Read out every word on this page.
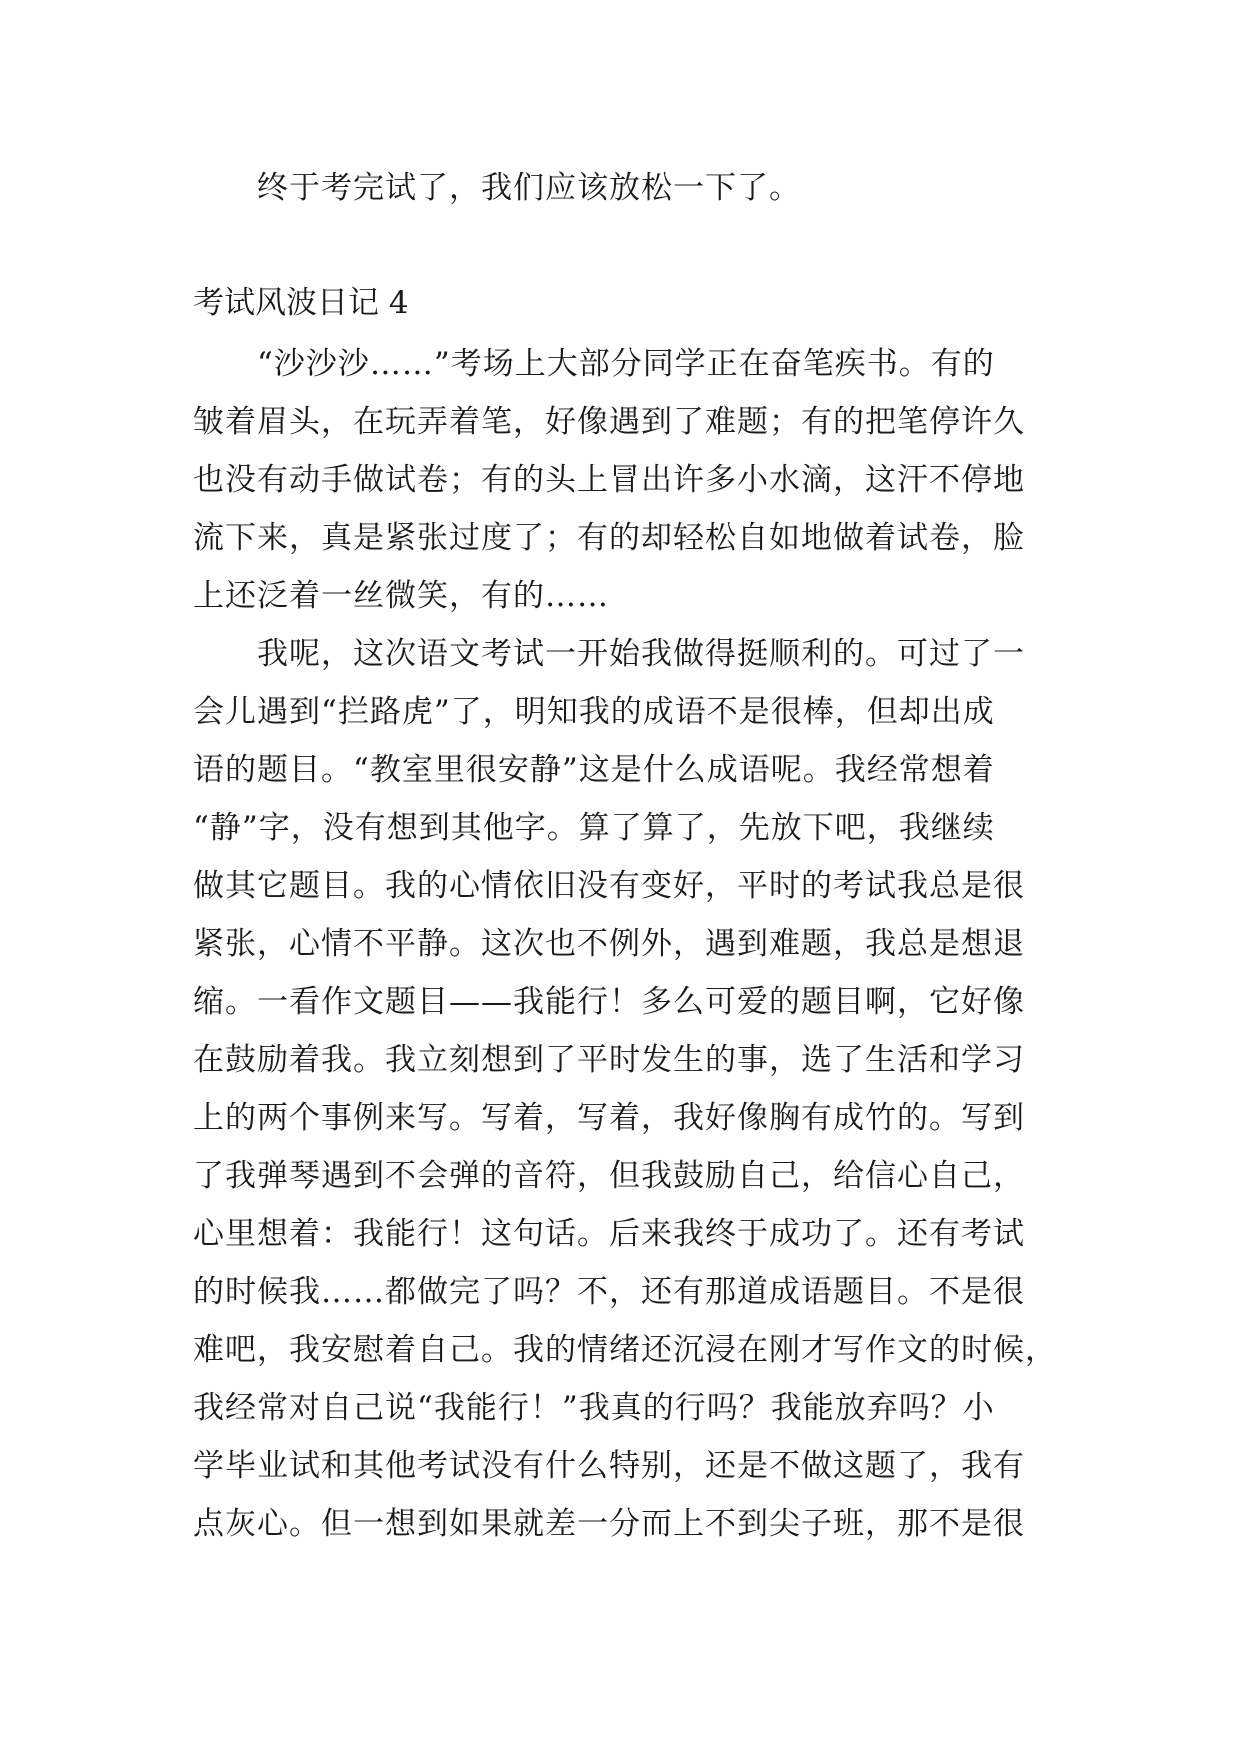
　　终于考完试了，我们应该放松一下了。
考试风波日记 4
　　“沙沙沙……”考场上大部分同学正在奋笔疾书。有的
皱着眉头，在玩弄着笔，好像遇到了难题；有的把笔停许久
也没有动手做试卷；有的头上冒出许多小水滴，这汗不停地
流下来，真是紧张过度了；有的却轻松自如地做着试卷，脸
上还泛着一丝微笑，有的……
　　我呢，这次语文考试一开始我做得挺顺利的。可过了一
会儿遇到“拦路虎”了，明知我的成语不是很棒，但却出成
语的题目。“教室里很安静”这是什么成语呢。我经常想着
“静”字，没有想到其他字。算了算了，先放下吧，我继续
做其它题目。我的心情依旧没有变好，平时的考试我总是很
紧张，心情不平静。这次也不例外，遇到难题，我总是想退
缩。一看作文题目——我能行！多么可爱的题目啊，它好像
在鼓励着我。我立刻想到了平时发生的事，选了生活和学习
上的两个事例来写。写着，写着，我好像胸有成竹的。写到
了我弹琴遇到不会弹的音符，但我鼓励自己，给信心自己，
心里想着：我能行！这句话。后来我终于成功了。还有考试
的时候我……都做完了吗？不，还有那道成语题目。不是很
难吧，我安慰着自己。我的情绪还沉浸在刚才写作文的时候，
我经常对自己说“我能行！”我真的行吗？我能放弃吗？小
学毕业试和其他考试没有什么特别，还是不做这题了，我有
点灰心。但一想到如果就差一分而上不到尖子班，那不是很
